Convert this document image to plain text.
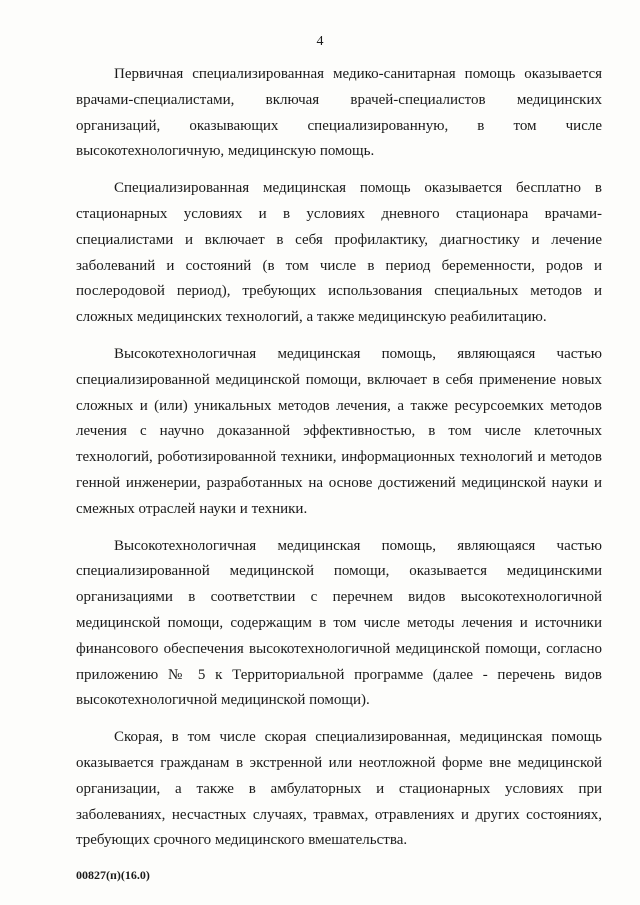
4

Первичная специализированная медико-санитарная помощь оказывается врачами-специалистами, включая врачей-специалистов медицинских организаций, оказывающих специализированную, в том числе высокотехнологичную, медицинскую помощь.

Специализированная медицинская помощь оказывается бесплатно в стационарных условиях и в условиях дневного стационара врачами-специалистами и включает в себя профилактику, диагностику и лечение заболеваний и состояний (в том числе в период беременности, родов и послеродовой период), требующих использования специальных методов и сложных медицинских технологий, а также медицинскую реабилитацию.

Высокотехнологичная медицинская помощь, являющаяся частью специализированной медицинской помощи, включает в себя применение новых сложных и (или) уникальных методов лечения, а также ресурсоемких методов лечения с научно доказанной эффективностью, в том числе клеточных технологий, роботизированной техники, информационных технологий и методов генной инженерии, разработанных на основе достижений медицинской науки и смежных отраслей науки и техники.

Высокотехнологичная медицинская помощь, являющаяся частью специализированной медицинской помощи, оказывается медицинскими организациями в соответствии с перечнем видов высокотехнологичной медицинской помощи, содержащим в том числе методы лечения и источники финансового обеспечения высокотехнологичной медицинской помощи, согласно приложению № 5 к Территориальной программе (далее - перечень видов высокотехнологичной медицинской помощи).

Скорая, в том числе скорая специализированная, медицинская помощь оказывается гражданам в экстренной или неотложной форме вне медицинской организации, а также в амбулаторных и стационарных условиях при заболеваниях, несчастных случаях, травмах, отравлениях и других состояниях, требующих срочного медицинского вмешательства.

00827(п)(16.0)
